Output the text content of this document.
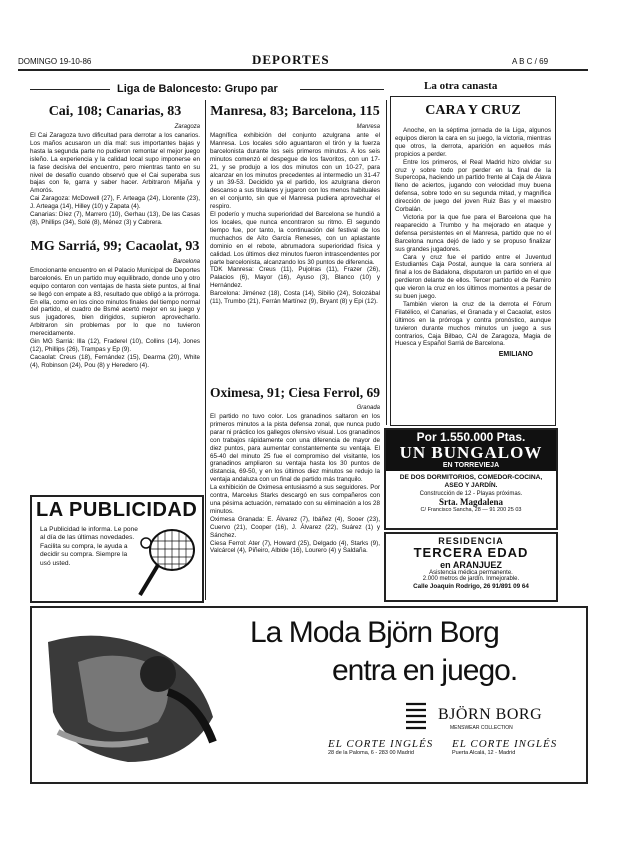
DOMINGO 19-10-86	DEPORTES	A B C / 69
Liga de Baloncesto: Grupo par

Cai, 108; Canarias, 83

Zaragoza

El Cai Zaragoza tuvo dificultad para derrotar a los canarios. Los maños acusaron un día mal: sus importantes bajas y hasta la segunda parte no pudieron remontar el mejor juego isleño. La experiencia y la calidad local supo imponerse en la fase decisiva del encuentro, pero mientras tanto en su nivel de desafío cuando observó que el Cai superaba sus bajas con fe, garra y saber hacer. Arbitraron Mijaña y Amorós.

Cai Zaragoza: McDowell (27), F. Arteaga (24), Llorente (23), J. Arteaga (14), Hilley (10) y Zapata (4).

Canarias: Díez (7), Marrero (10), Gerhau (13), De las Casas (8), Phillips (34), Solé (8), Ménez (3) y Cabrera.

MG Sarriá, 99; Cacaolat, 93

Barcelona

Emocionante encuentro en el Palacio Municipal de Deportes barcelonés. En un partido muy equilibrado, donde uno y otro equipo contaron con ventajas de hasta siete puntos, al final se llegó con empate a 83, resultado que obligó a la prórroga. En ella, como en los cinco minutos finales del tiempo normal del partido, el cuadro de Bsmé acertó mejor en su juego y sus jugadores, bien dirigidos, supieron aprovecharlo. Arbitraron sin problemas por lo que no tuvieron merecidamente.

Gin MG Sarriá: Illa (12), Fraderel (10), Collins (14), Jones (12), Phillips (26), Trampas y Ep (9).

Cacaolat: Creus (18), Fernández (15), Dearma (20), White (4), Robinson (24), Pou (8) y Heredero (4).

LA PUBLICIDAD
La Publicidad le informa. Le pone al día de las últimas novedades. Facilita su compra, le ayuda a decidir su compra. Siempre la usó usted.

Manresa, 83; Barcelona, 115

Manresa

Magnífica exhibición del conjunto azulgrana ante el Manresa. Los locales sólo aguantaron el tirón y la fuerza barcelonista durante los seis primeros minutos. A los seis minutos comenzó el despegue de los favoritos, con un 17-21, y se produjo a los dos minutos con un 10-27, para alcanzar en los minutos precedentes al intermedio un 31-47 y un 39-53. Decidido ya el partido, los azulgrana dieron descanso a sus titulares y jugaron con los menos habituales en el conjunto, sin que el Manresa pudiera aprovechar el respiro.

El poderío y mucha superioridad del Barcelona se hundió a los locales, que nunca encontraron su ritmo. El segundo tiempo fue, por tanto, la continuación del festival de los muchachos de Aíto García Reneses, con un aplastante dominio en el rebote, abrumadora superioridad física y calidad. Los últimos diez minutos fueron intrascendentes por parte barcelonista, alcanzando los 30 puntos de diferencia.

TDK Manresa: Creus (11), Pujolras (11), Frazer (26), Palacios (6), Mayor (16), Ayuso (3), Blanco (10) y Hernández.

Barcelona: Jiménez (18), Costa (14), Sibilio (24), Solozábal (11), Trumbo (21), Ferrán Martínez (9), Bryant (8) y Epi (12).

Oximesa, 91; Ciesa Ferrol, 69

Granada

El partido no tuvo color. Los granadinos saltaron en los primeros minutos a la pista defensa zonal, que nunca pudo parar ni práctico los gallegos ofensivo visual. Los granadinos con trabajos rápidamente con una diferencia de mayor de diez puntos, para aumentar constantemente su ventaja. El 65-40 del minuto 25 fue el compromiso del visitante, los granadinos ampliaron su ventaja hasta los 30 puntos de distancia, 69-50, y en los últimos diez minutos se redujo la ventaja andaluza con un final de partido más tranquilo.

La exhibición de Oximesa entusiasmó a sus seguidores. Por contra, Marcelus Starks descargó en sus compañeros con una pésima actuación, rematado con su eliminación a los 28 minutos.

Oximesa Granada: E. Álvarez (7), Ibáñez (4), Sooer (23), Cuervo (21), Cooper (16), J. Álvarez (22), Suárez (1) y Sánchez.

Ciesa Ferrol: Ater (7), Howard (25), Delgado (4), Starks (9), Valcárcel (4), Piñeiro, Albide (16), Lourero (4) y Saldaña.

La otra canasta
CARA Y CRUZ

Anoche, en la séptima jornada de la Liga, algunos equipos dieron la cara en su juego, la victoria, mientras que otros, la derrota, aparición en aquellos más propicios a perder.

Entre los primeros, el Real Madrid hizo olvidar su cruz y sobre todo por perder en la final de la Supercopa, haciendo un partido frente al Caja de Álava lleno de aciertos, jugando con velocidad muy buena defensa, sobre todo en su segunda mitad, y magnífica dirección de juego del joven Ruiz Bas y el maestro Corbalán.

Victoria por la que fue para el Barcelona que ha reaparecido a Trumbo y ha mejorado en ataque y defensa persistentes en el Manresa, partido que no el Barcelona nunca dejó de lado y se propuso finalizar sus grandes jugadores.

Cara y cruz fue el partido entre el Juventud Estudiantes Caja Postal, aunque la cara sonriera al final a los de Badalona, disputaron un partido en el que perdieron delante de ellos. Tercer partido el de Ramiro que vieron la cruz en los últimos momentos a pesar de su buen juego.

También vieron la cruz de la derrota el Fórum Filatélico, el Canarias, el Granada y el Cacaolat, estos últimos en la prórroga y contra pronóstico, aunque tuvieron durante muchos minutos un juego a sus contrarios, Caja Bilbao, CAI de Zaragoza, Magia de Huesca y Español Sarriá de Barcelona.

EMILIANO
Por 1.550.000 Ptas.
UN BUNGALOW
EN TORREVIEJA
DE DOS DORMITORIOS, COMEDOR-COCINA, ASEO Y JARDÍN.
Construcción de 12 - Playas próximas.
Srta. Magdalena
C/ Francisco Sancha, 28 — 91 200 25 03
RESIDENCIA
TERCERA EDAD
en ARANJUEZ
Asistencia médica permanente.
2.000 metros de jardín. Inmejorable.
Calle Joaquín Rodrigo, 26 91/891 09 64
La Moda Björn Borg
entra en juego.
BJÖRN BORG
MENSWEAR COLLECTION
EL CORTE INGLÉS
28 de la Paloma, 6 - 283 00 Madrid
EL CORTE INGLÉS
Puerta Alcalá, 12 - Madrid
